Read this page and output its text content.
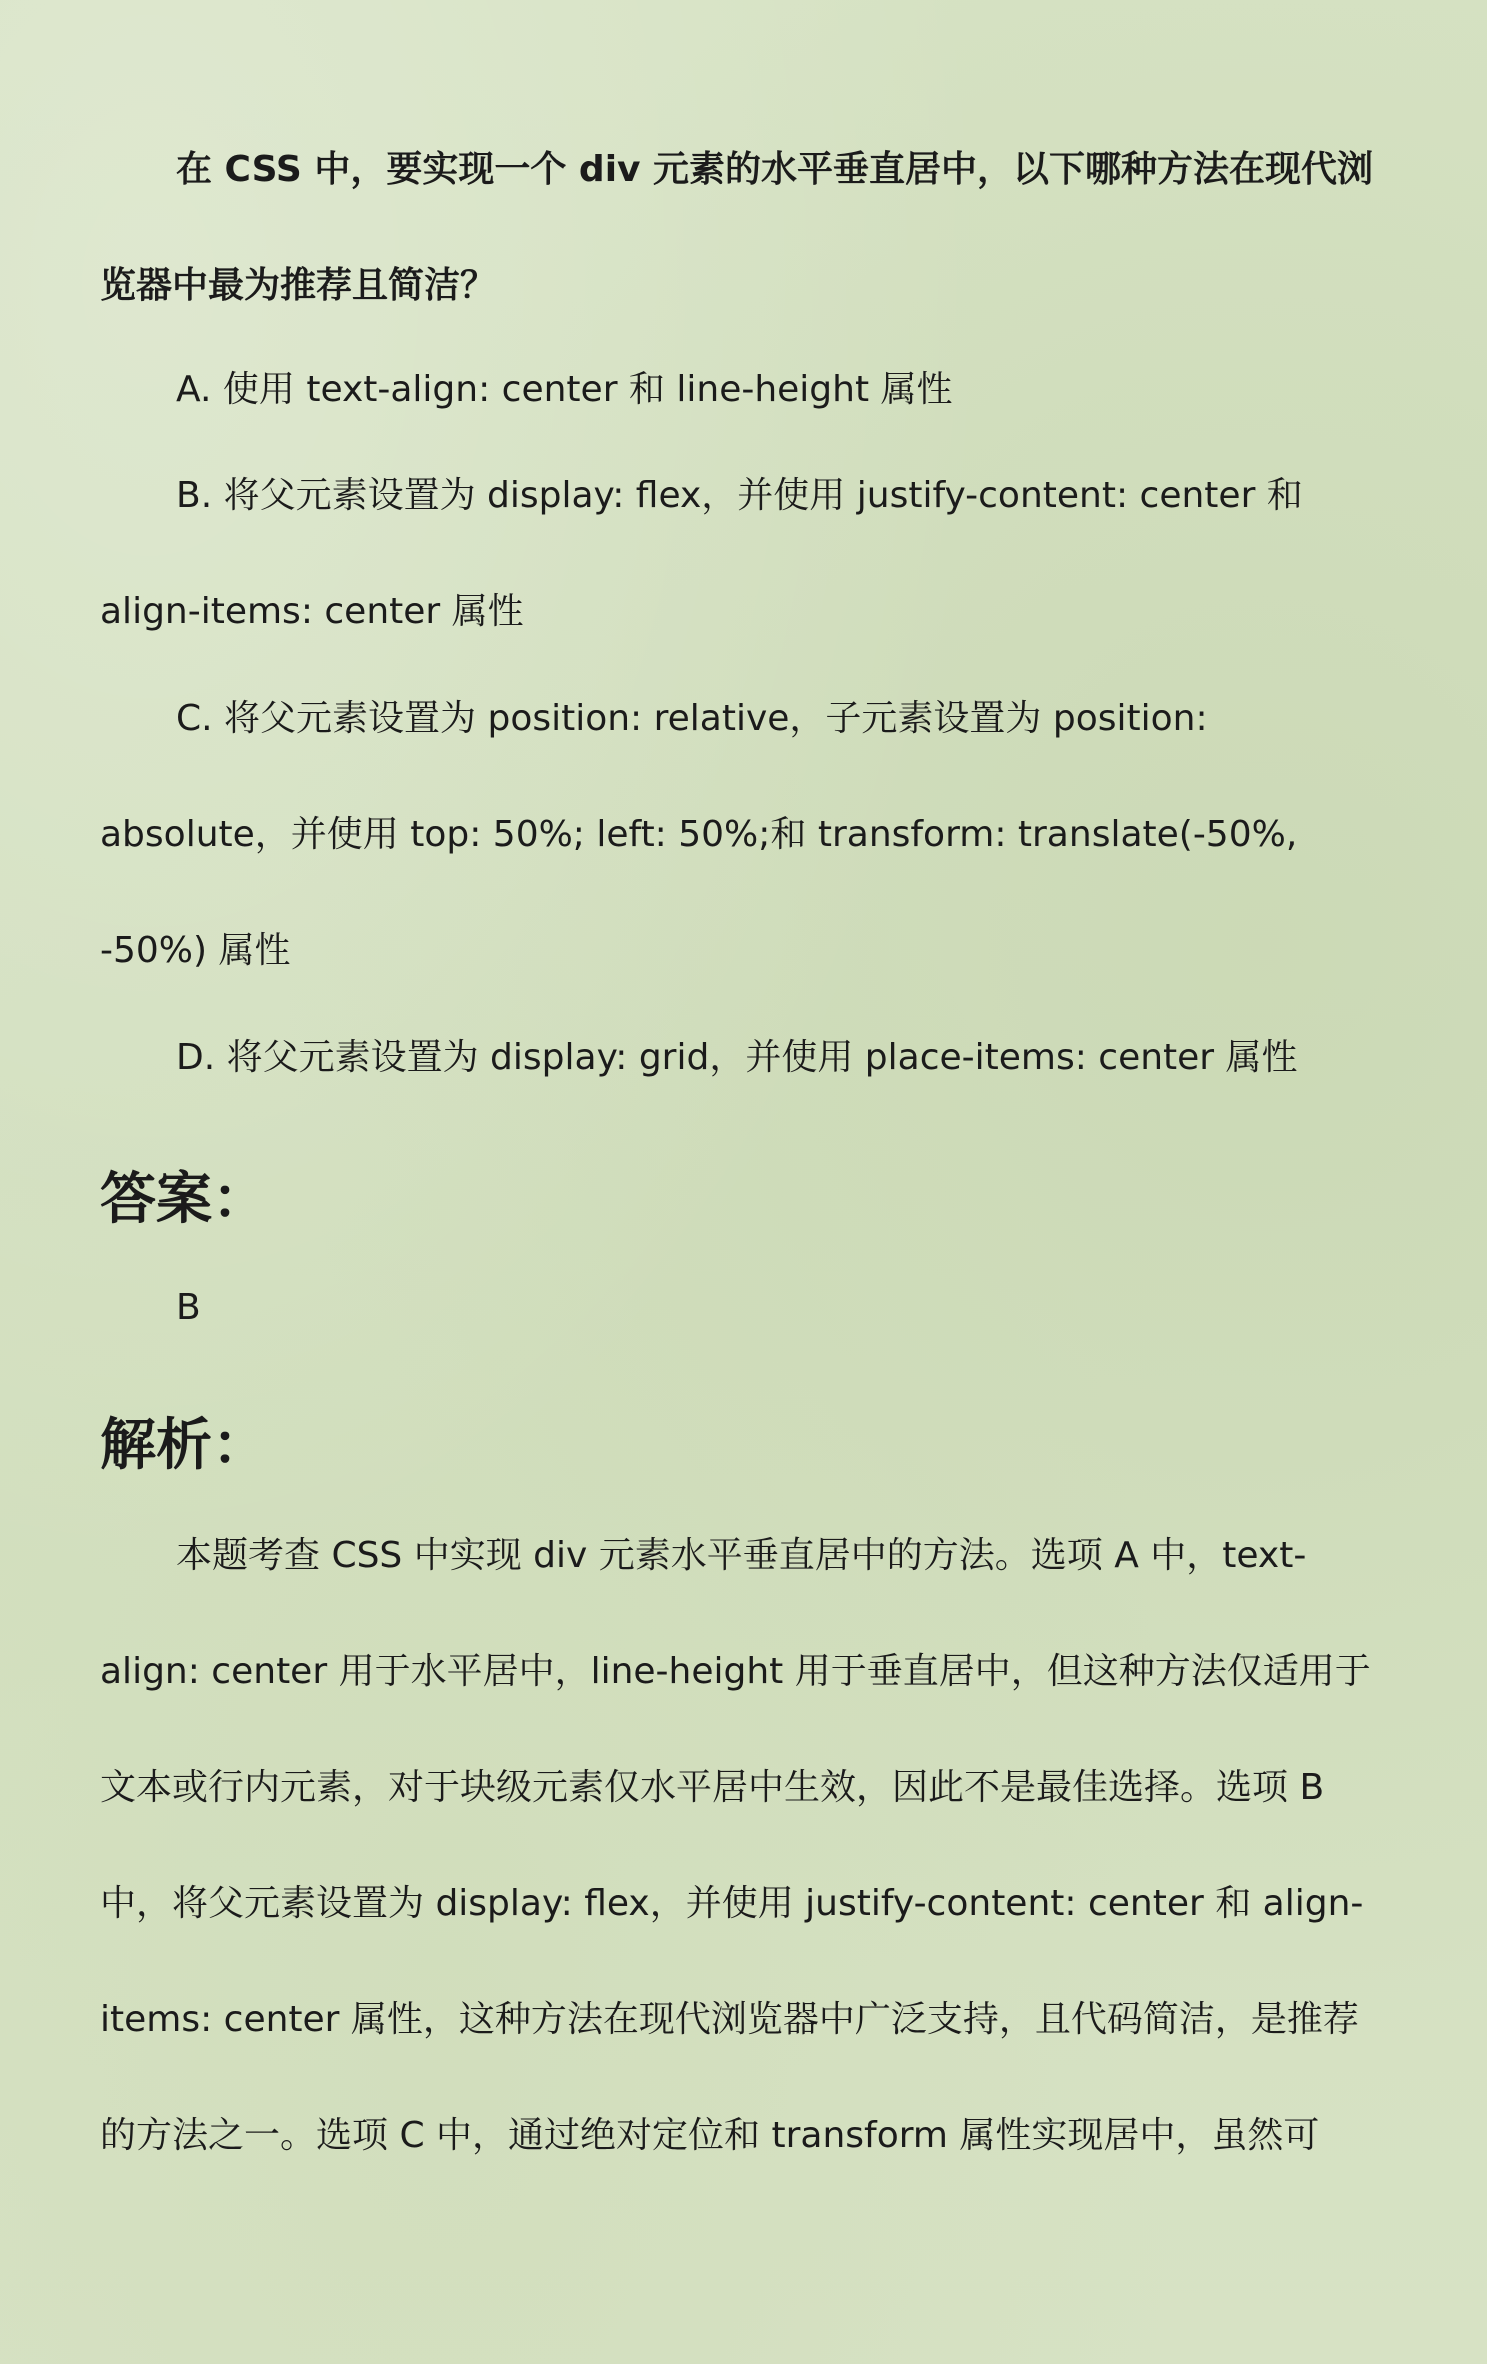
在 CSS 中，要实现一个 div 元素的水平垂直居中，以下哪种方法在现代浏览器中最为推荐且简洁？

A. 使用 text-align: center 和 line-height 属性

B. 将父元素设置为 display: flex，并使用 justify-content: center 和 align-items: center 属性

C. 将父元素设置为 position: relative，子元素设置为 position: absolute，并使用 top: 50%; left: 50%;和 transform: translate(-50%, -50%) 属性

D. 将父元素设置为 display: grid，并使用 place-items: center 属性

答案：

B

解析：

本题考查 CSS 中实现 div 元素水平垂直居中的方法。选项 A 中，text-align: center 用于水平居中，line-height 用于垂直居中，但这种方法仅适用于文本或行内元素，对于块级元素仅水平居中生效，因此不是最佳选择。选项 B 中，将父元素设置为 display: flex，并使用 justify-content: center 和 align-items: center 属性，这种方法在现代浏览器中广泛支持，且代码简洁，是推荐的方法之一。选项 C 中，通过绝对定位和 transform 属性实现居中，虽然可
